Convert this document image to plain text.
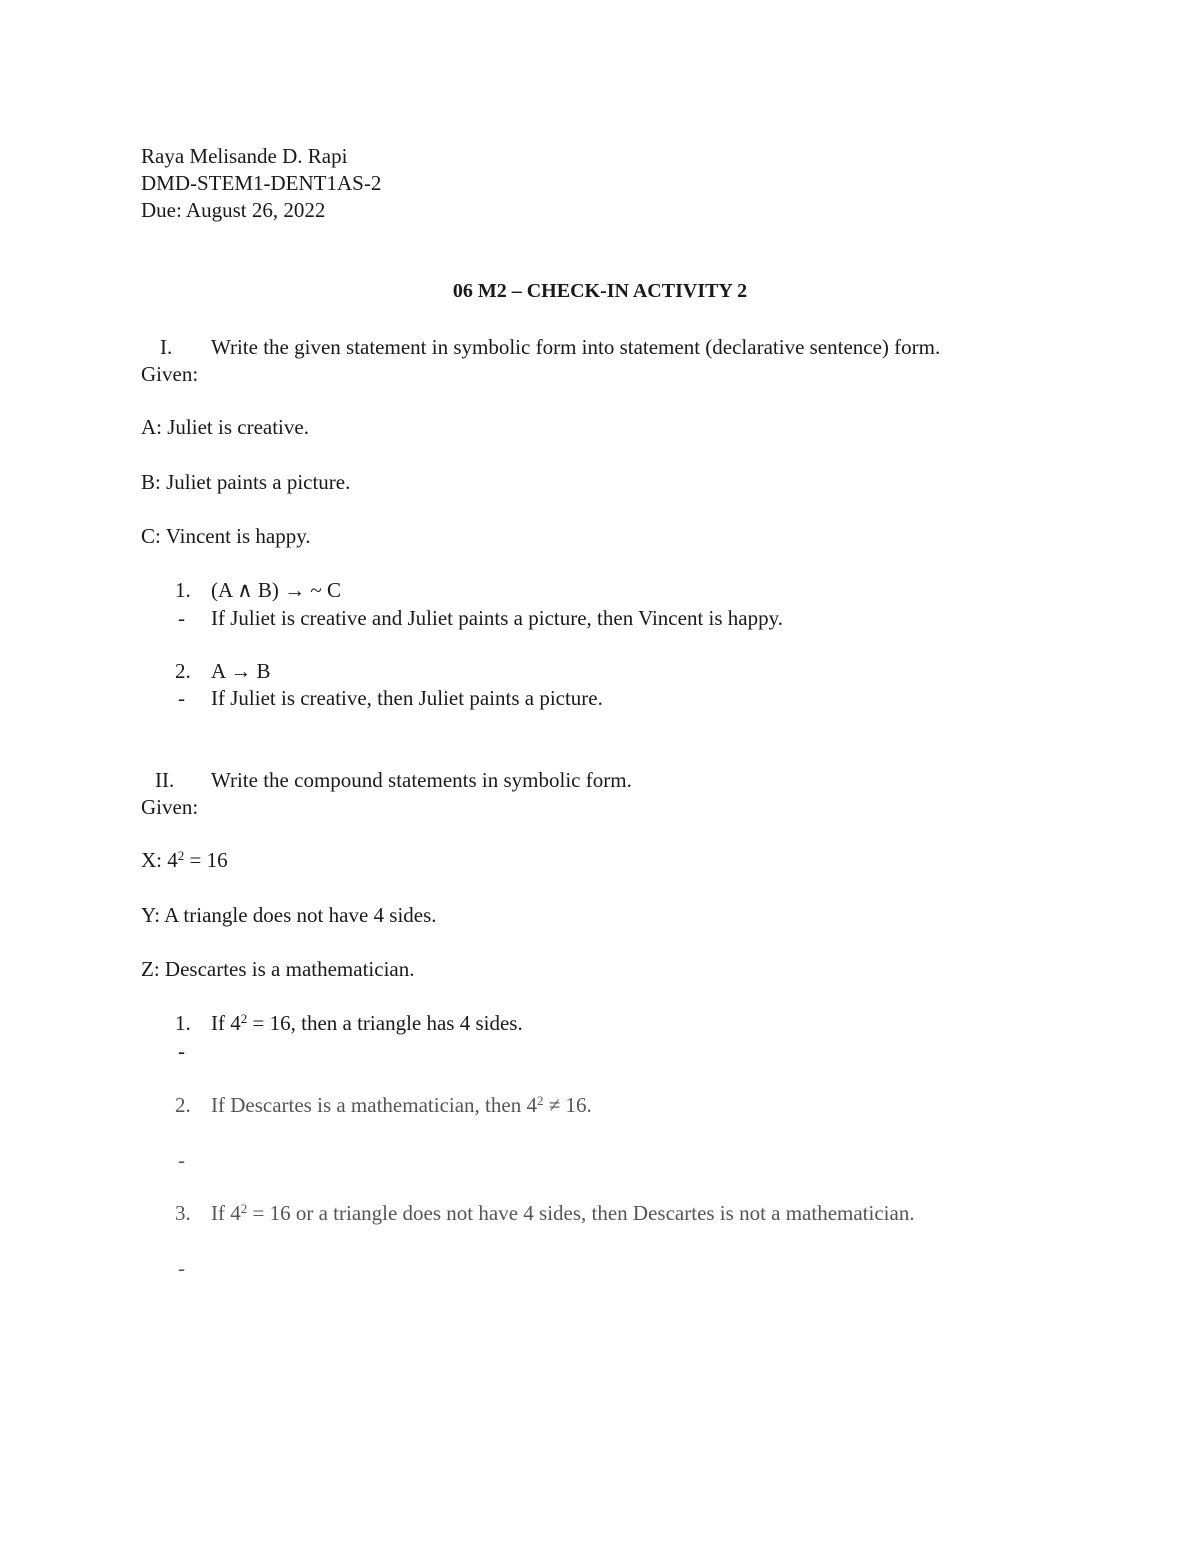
Raya Melisande D. Rapi
DMD-STEM1-DENT1AS-2
Due: August 26, 2022
06 M2 – CHECK-IN ACTIVITY 2
I. Write the given statement in symbolic form into statement (declarative sentence) form.
Given:
A: Juliet is creative.
B: Juliet paints a picture.
C: Vincent is happy.
1. (A ∧ B) → ~ C
- If Juliet is creative and Juliet paints a picture, then Vincent is happy.
2. A → B
- If Juliet is creative, then Juliet paints a picture.
II. Write the compound statements in symbolic form.
Given:
X: $4^2 = 16$
Y: A triangle does not have 4 sides.
Z: Descartes is a mathematician.
1. If $4^2 = 16$, then a triangle has 4 sides.
-
2. If Descartes is a mathematician, then $4^2 \ne 16$.
-
3. If $4^2 = 16$ or a triangle does not have 4 sides, then Descartes is not a mathematician.
-
